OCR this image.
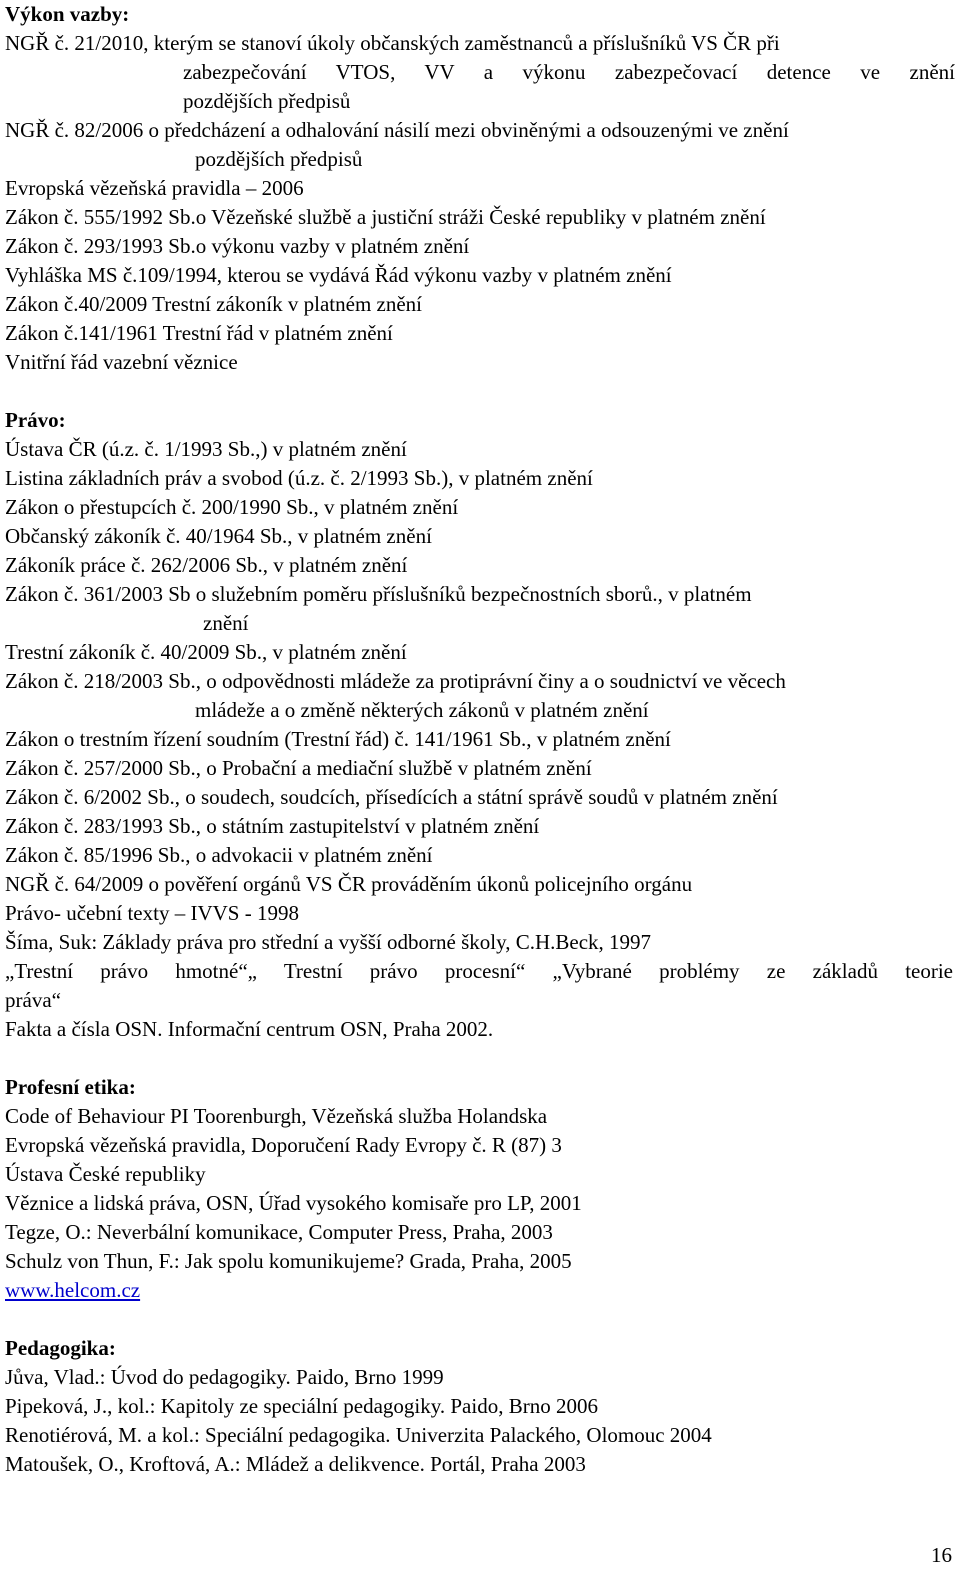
Výkon vazby:
NGŘ č. 21/2010, kterým se stanoví úkoly občanských zaměstnanců a příslušníků VS ČR při
zabezpečování VTOS, VV a výkonu zabezpečovací detence ve znění
pozdějších předpisů
NGŘ č. 82/2006 o předcházení a odhalování násilí mezi obviněnými a odsouzenými ve znění
pozdějších předpisů
Evropská vězeňská pravidla – 2006
Zákon č. 555/1992 Sb.o Vězeňské službě a justiční stráži České republiky v platném znění
Zákon č. 293/1993 Sb.o výkonu vazby v platném znění
Vyhláška MS č.109/1994, kterou se vydává Řád výkonu vazby v platném znění
Zákon č.40/2009 Trestní zákoník v platném znění
Zákon č.141/1961 Trestní řád v platném znění
Vnitřní řád vazební věznice
Právo:
Ústava ČR (ú.z. č. 1/1993 Sb.,) v platném znění
Listina základních práv a svobod (ú.z. č. 2/1993 Sb.), v platném znění
Zákon o přestupcích č. 200/1990 Sb., v platném znění
Občanský zákoník č. 40/1964 Sb., v platném znění
Zákoník práce č. 262/2006 Sb., v platném znění
Zákon č. 361/2003 Sb o služebním poměru příslušníků bezpečnostních sborů., v platném
znění
Trestní zákoník č. 40/2009 Sb., v platném znění
Zákon č. 218/2003 Sb., o odpovědnosti mládeže za protiprávní činy a o soudnictví ve věcech
mládeže a o změně některých zákonů v platném znění
Zákon o trestním řízení soudním (Trestní řád) č. 141/1961 Sb., v platném znění
Zákon č. 257/2000 Sb., o Probační a mediační službě v platném znění
Zákon č. 6/2002 Sb., o soudech, soudcích, přísedících a státní správě soudů v platném znění
Zákon č. 283/1993 Sb., o státním zastupitelství v platném znění
Zákon č. 85/1996 Sb., o advokacii v platném znění
NGŘ č. 64/2009 o pověření orgánů VS ČR prováděním úkonů policejního orgánu
Právo- učební texty – IVVS - 1998
Šíma, Suk: Základy práva pro střední a vyšší odborné školy, C.H.Beck, 1997
„Trestní právo hmotné“„ Trestní právo procesní“ „Vybrané problémy ze základů teorie
práva“
Fakta a čísla OSN. Informační centrum OSN, Praha 2002.
Profesní etika:
Code of Behaviour PI Toorenburgh, Vězeňská služba Holandska
Evropská vězeňská pravidla, Doporučení Rady Evropy č. R (87) 3
Ústava České republiky
Věznice a lidská práva, OSN, Úřad vysokého komisaře pro LP, 2001
Tegze, O.: Neverbální komunikace, Computer Press, Praha, 2003
Schulz von Thun, F.: Jak spolu komunikujeme? Grada, Praha, 2005
www.helcom.cz
Pedagogika:
Jůva, Vlad.: Úvod do pedagogiky. Paido, Brno 1999
Pipeková, J., kol.: Kapitoly ze speciální pedagogiky. Paido, Brno 2006
Renotiérová, M. a kol.: Speciální pedagogika. Univerzita Palackého, Olomouc 2004
Matoušek, O., Kroftová, A.: Mládež a delikvence. Portál, Praha 2003
16
